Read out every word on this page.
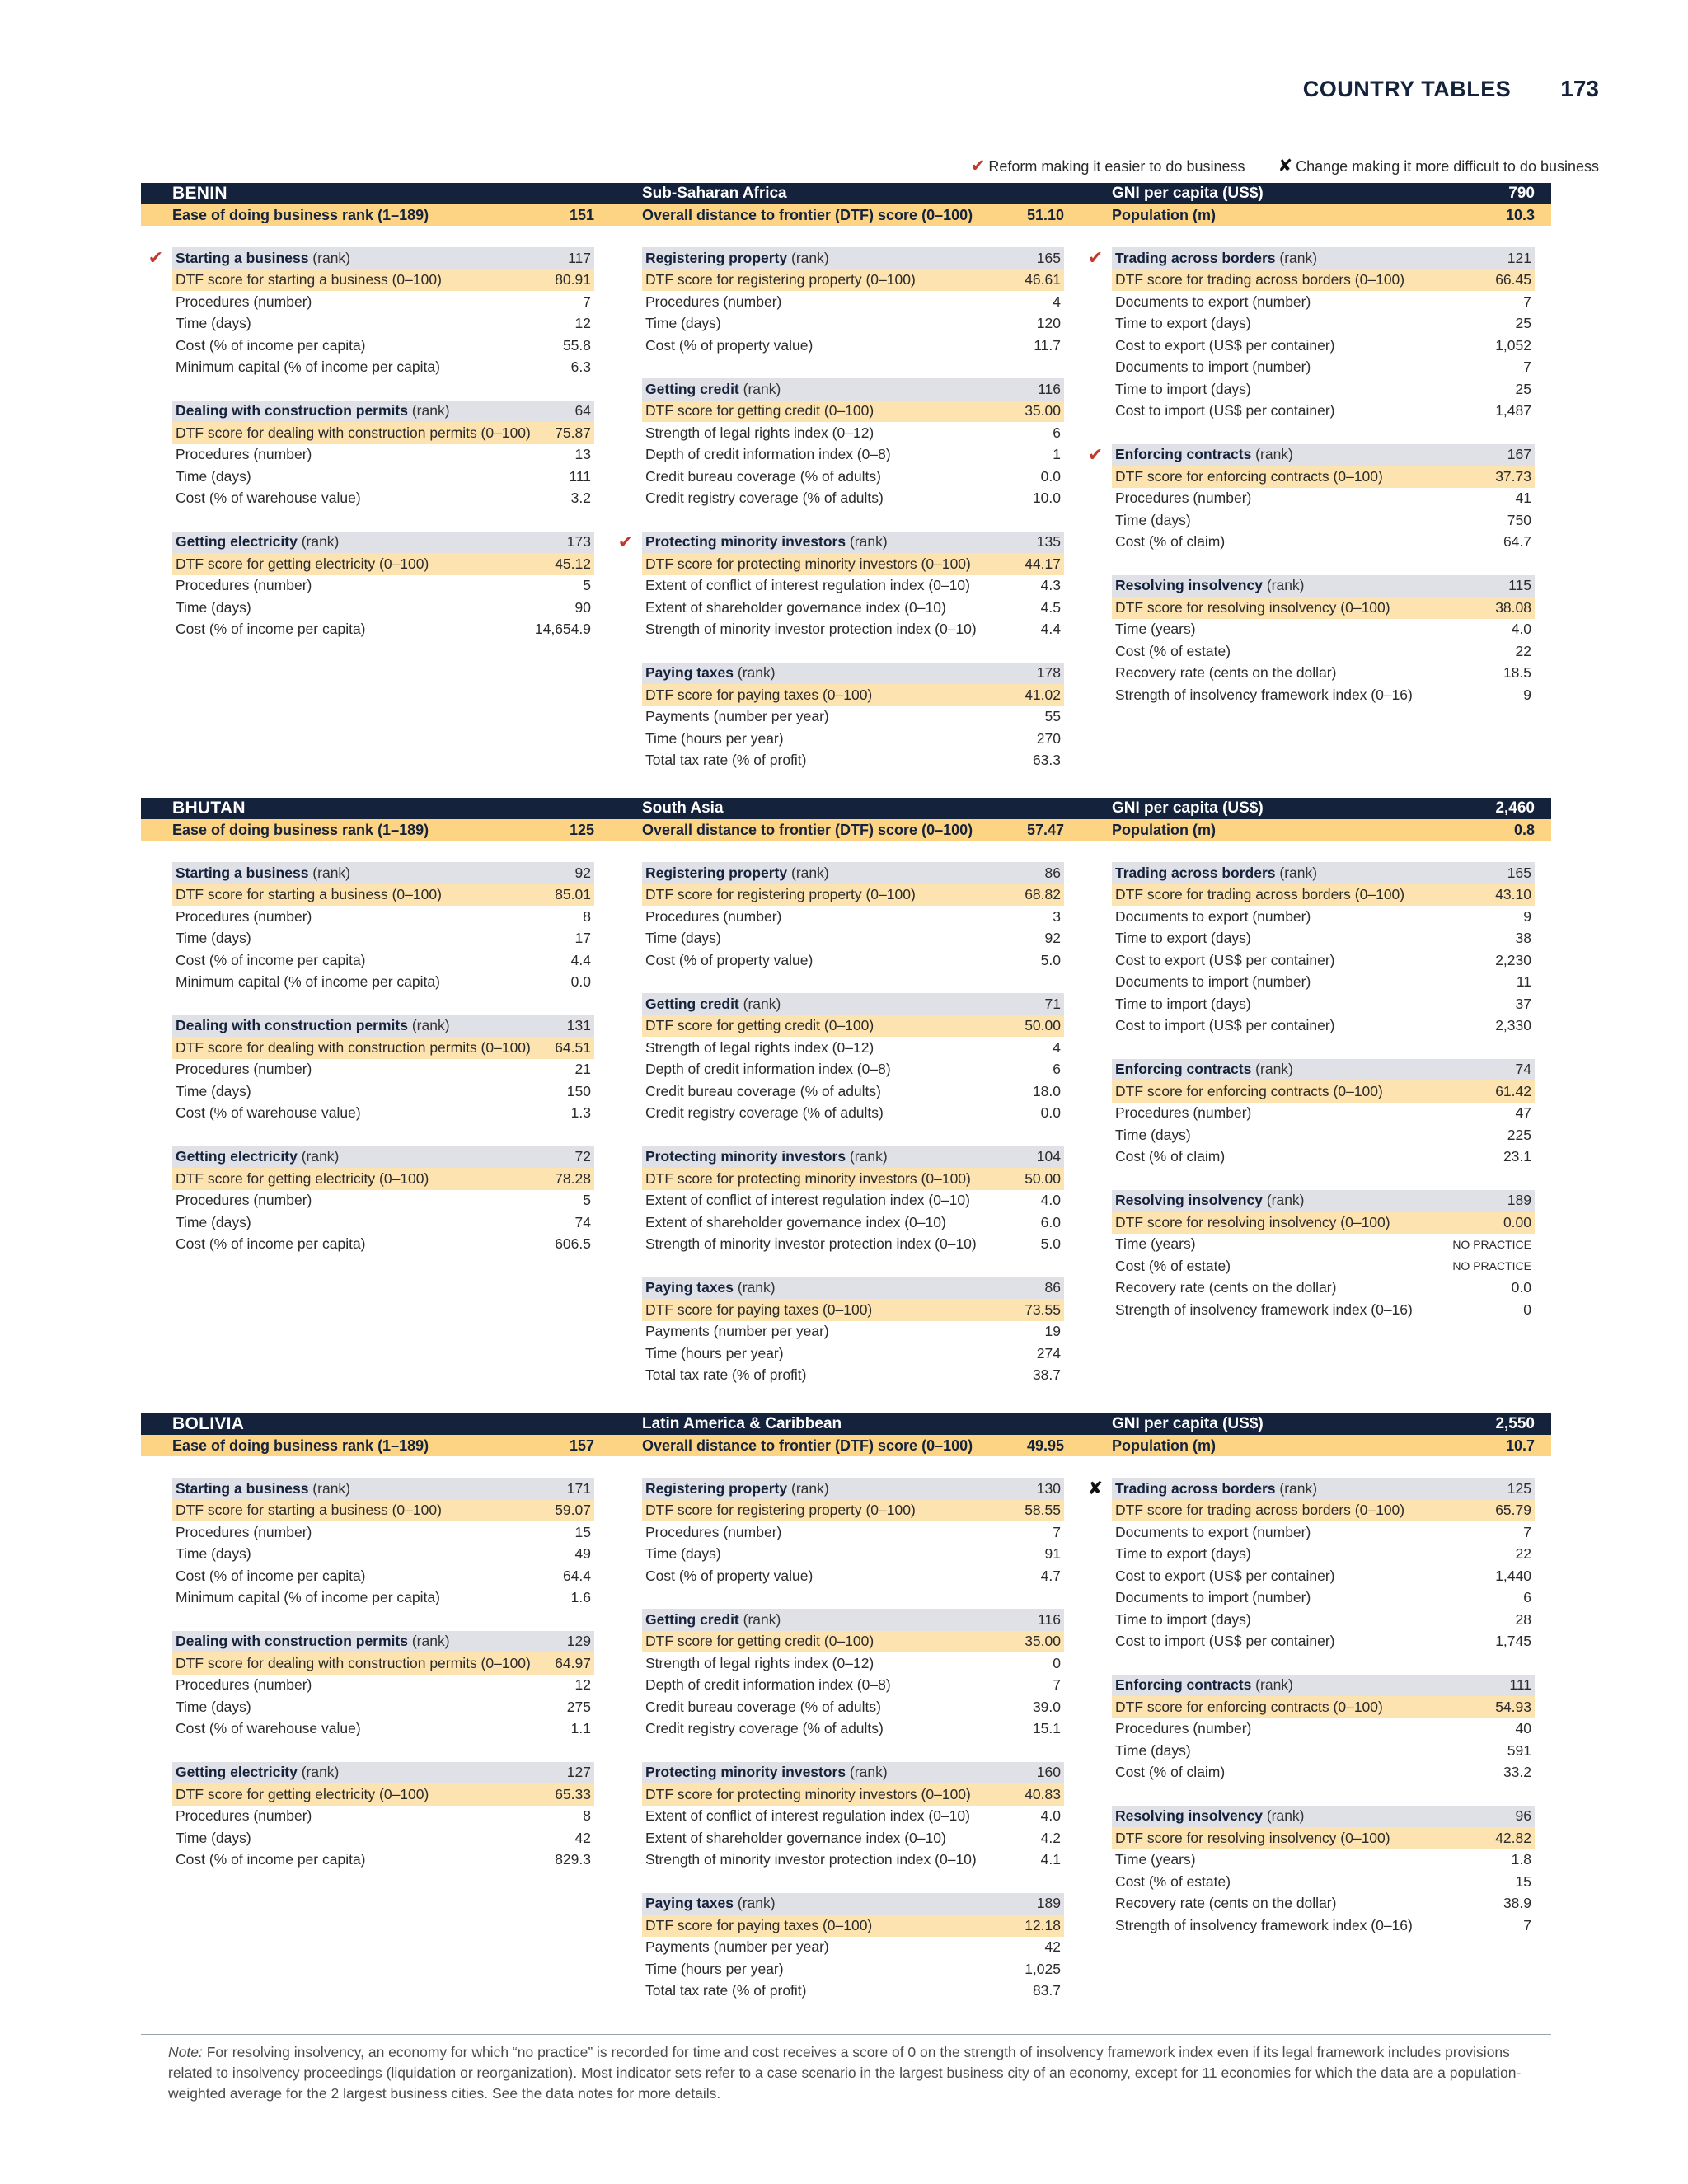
COUNTRY TABLES 173
✔ Reform making it easier to do business ✘ Change making it more difficult to do business
BENIN	Sub-Saharan Africa	GNI per capita (US$)	790
Ease of doing business rank (1–189)	151	Overall distance to frontier (DTF) score (0–100)	51.10	Population (m)	10.3
✔ Starting a business (rank)	117
DTF score for starting a business (0–100)	80.91
Procedures (number)	7
Time (days)	12
Cost (% of income per capita)	55.8
Minimum capital (% of income per capita)	6.3
Dealing with construction permits (rank)	64
DTF score for dealing with construction permits (0–100) 75.87
Procedures (number)	13
Time (days)	111
Cost (% of warehouse value)	3.2
Getting electricity (rank)	173
DTF score for getting electricity (0–100)	45.12
Procedures (number)	5
Time (days)	90
Cost (% of income per capita)	14,654.9
Registering property (rank)	165
DTF score for registering property (0–100)	46.61
Procedures (number)	4
Time (days)	120
Cost (% of property value)	11.7
Getting credit (rank)	116
DTF score for getting credit (0–100)	35.00
Strength of legal rights index (0–12)	6
Depth of credit information index (0–8)	1
Credit bureau coverage (% of adults)	0.0
Credit registry coverage (% of adults)	10.0
✔ Protecting minority investors (rank)	135
DTF score for protecting minority investors (0–100)	44.17
Extent of conflict of interest regulation index (0–10)	4.3
Extent of shareholder governance index (0–10)	4.5
Strength of minority investor protection index (0–10)	4.4
Paying taxes (rank)	178
DTF score for paying taxes (0–100)	41.02
Payments (number per year)	55
Time (hours per year)	270
Total tax rate (% of profit)	63.3
✔ Trading across borders (rank)	121
DTF score for trading across borders (0–100)	66.45
Documents to export (number)	7
Time to export (days)	25
Cost to export (US$ per container)	1,052
Documents to import (number)	7
Time to import (days)	25
Cost to import (US$ per container)	1,487
✔ Enforcing contracts (rank)	167
DTF score for enforcing contracts (0–100)	37.73
Procedures (number)	41
Time (days)	750
Cost (% of claim)	64.7
Resolving insolvency (rank)	115
DTF score for resolving insolvency (0–100)	38.08
Time (years)	4.0
Cost (% of estate)	22
Recovery rate (cents on the dollar)	18.5
Strength of insolvency framework index (0–16)	9
BHUTAN	South Asia	GNI per capita (US$)	2,460
Ease of doing business rank (1–189)	125	Overall distance to frontier (DTF) score (0–100)	57.47	Population (m)	0.8
Starting a business (rank)	92
DTF score for starting a business (0–100)	85.01
Procedures (number)	8
Time (days)	17
Cost (% of income per capita)	4.4
Minimum capital (% of income per capita)	0.0
Dealing with construction permits (rank)	131
DTF score for dealing with construction permits (0–100) 64.51
Procedures (number)	21
Time (days)	150
Cost (% of warehouse value)	1.3
Getting electricity (rank)	72
DTF score for getting electricity (0–100)	78.28
Procedures (number)	5
Time (days)	74
Cost (% of income per capita)	606.5
Registering property (rank)	86
DTF score for registering property (0–100)	68.82
Procedures (number)	3
Time (days)	92
Cost (% of property value)	5.0
Getting credit (rank)	71
DTF score for getting credit (0–100)	50.00
Strength of legal rights index (0–12)	4
Depth of credit information index (0–8)	6
Credit bureau coverage (% of adults)	18.0
Credit registry coverage (% of adults)	0.0
Protecting minority investors (rank)	104
DTF score for protecting minority investors (0–100)	50.00
Extent of conflict of interest regulation index (0–10)	4.0
Extent of shareholder governance index (0–10)	6.0
Strength of minority investor protection index (0–10)	5.0
Paying taxes (rank)	86
DTF score for paying taxes (0–100)	73.55
Payments (number per year)	19
Time (hours per year)	274
Total tax rate (% of profit)	38.7
Trading across borders (rank)	165
DTF score for trading across borders (0–100)	43.10
Documents to export (number)	9
Time to export (days)	38
Cost to export (US$ per container)	2,230
Documents to import (number)	11
Time to import (days)	37
Cost to import (US$ per container)	2,330
Enforcing contracts (rank)	74
DTF score for enforcing contracts (0–100)	61.42
Procedures (number)	47
Time (days)	225
Cost (% of claim)	23.1
Resolving insolvency (rank)	189
DTF score for resolving insolvency (0–100)	0.00
Time (years)	NO PRACTICE
Cost (% of estate)	NO PRACTICE
Recovery rate (cents on the dollar)	0.0
Strength of insolvency framework index (0–16)	0
BOLIVIA	Latin America & Caribbean	GNI per capita (US$)	2,550
Ease of doing business rank (1–189)	157	Overall distance to frontier (DTF) score (0–100)	49.95	Population (m)	10.7
Starting a business (rank)	171
DTF score for starting a business (0–100)	59.07
Procedures (number)	15
Time (days)	49
Cost (% of income per capita)	64.4
Minimum capital (% of income per capita)	1.6
Dealing with construction permits (rank)	129
DTF score for dealing with construction permits (0–100) 64.97
Procedures (number)	12
Time (days)	275
Cost (% of warehouse value)	1.1
Getting electricity (rank)	127
DTF score for getting electricity (0–100)	65.33
Procedures (number)	8
Time (days)	42
Cost (% of income per capita)	829.3
Registering property (rank)	130
DTF score for registering property (0–100)	58.55
Procedures (number)	7
Time (days)	91
Cost (% of property value)	4.7
Getting credit (rank)	116
DTF score for getting credit (0–100)	35.00
Strength of legal rights index (0–12)	0
Depth of credit information index (0–8)	7
Credit bureau coverage (% of adults)	39.0
Credit registry coverage (% of adults)	15.1
Protecting minority investors (rank)	160
DTF score for protecting minority investors (0–100)	40.83
Extent of conflict of interest regulation index (0–10)	4.0
Extent of shareholder governance index (0–10)	4.2
Strength of minority investor protection index (0–10)	4.1
Paying taxes (rank)	189
DTF score for paying taxes (0–100)	12.18
Payments (number per year)	42
Time (hours per year)	1,025
Total tax rate (% of profit)	83.7
✘ Trading across borders (rank)	125
DTF score for trading across borders (0–100)	65.79
Documents to export (number)	7
Time to export (days)	22
Cost to export (US$ per container)	1,440
Documents to import (number)	6
Time to import (days)	28
Cost to import (US$ per container)	1,745
Enforcing contracts (rank)	111
DTF score for enforcing contracts (0–100)	54.93
Procedures (number)	40
Time (days)	591
Cost (% of claim)	33.2
Resolving insolvency (rank)	96
DTF score for resolving insolvency (0–100)	42.82
Time (years)	1.8
Cost (% of estate)	15
Recovery rate (cents on the dollar)	38.9
Strength of insolvency framework index (0–16)	7
Note: For resolving insolvency, an economy for which “no practice” is recorded for time and cost receives a score of 0 on the strength of insolvency framework index even if its legal framework includes provisions related to insolvency proceedings (liquidation or reorganization). Most indicator sets refer to a case scenario in the largest business city of an economy, except for 11 economies for which the data are a population-weighted average for the 2 largest business cities. See the data notes for more details.
